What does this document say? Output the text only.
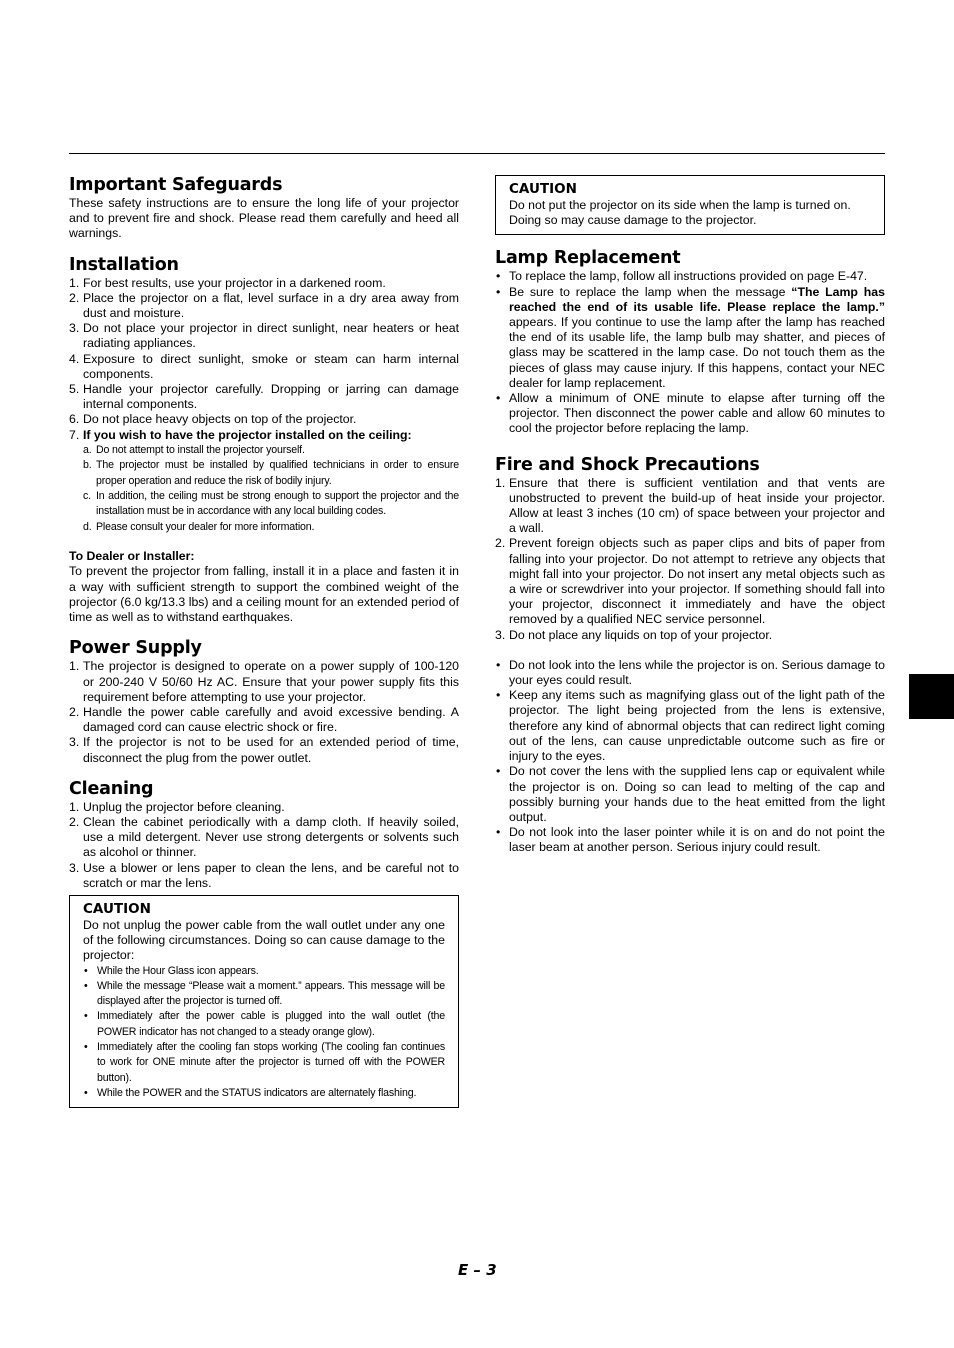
Important Safeguards

These safety instructions are to ensure the long life of your projector and to prevent fire and shock. Please read them carefully and heed all warnings.

Installation
1. For best results, use your projector in a darkened room.
2. Place the projector on a flat, level surface in a dry area away from dust and moisture.
3. Do not place your projector in direct sunlight, near heaters or heat radiating appliances.
4. Exposure to direct sunlight, smoke or steam can harm internal components.
5. Handle your projector carefully. Dropping or jarring can damage internal components.
6. Do not place heavy objects on top of the projector.
7. If you wish to have the projector installed on the ceiling:
a. Do not attempt to install the projector yourself.
b. The projector must be installed by qualified technicians in order to ensure proper operation and reduce the risk of bodily injury.
c. In addition, the ceiling must be strong enough to support the projector and the installation must be in accordance with any local building codes.
d. Please consult your dealer for more information.

To Dealer or Installer:

To prevent the projector from falling, install it in a place and fasten it in a way with sufficient strength to support the combined weight of the projector (6.0 kg/13.3 lbs) and a ceiling mount for an extended period of time as well as to withstand earthquakes.

Power Supply
1. The projector is designed to operate on a power supply of 100-120 or 200-240 V 50/60 Hz AC. Ensure that your power supply fits this requirement before attempting to use your projector.
2. Handle the power cable carefully and avoid excessive bending. A damaged cord can cause electric shock or fire.
3. If the projector is not to be used for an extended period of time, disconnect the plug from the power outlet.
Cleaning
1. Unplug the projector before cleaning.
2. Clean the cabinet periodically with a damp cloth. If heavily soiled, use a mild detergent. Never use strong detergents or solvents such as alcohol or thinner.
3. Use a blower or lens paper to clean the lens, and be careful not to scratch or mar the lens.
CAUTION

Do not unplug the power cable from the wall outlet under any one of the following circumstances. Doing so can cause damage to the projector:

• While the Hour Glass icon appears.
• While the message “Please wait a moment.” appears. This message will be displayed after the projector is turned off.
• Immediately after the power cable is plugged into the wall outlet (the POWER indicator has not changed to a steady orange glow).
• Immediately after the cooling fan stops working (The cooling fan continues to work for ONE minute after the projector is turned off with the POWER button).
• While the POWER and the STATUS indicators are alternately flashing.
CAUTION

Do not put the projector on its side when the lamp is turned on. Doing so may cause damage to the projector.

Lamp Replacement
• To replace the lamp, follow all instructions provided on page E-47.
• Be sure to replace the lamp when the message “The Lamp has reached the end of its usable life. Please replace the lamp.” appears. If you continue to use the lamp after the lamp has reached the end of its usable life, the lamp bulb may shatter, and pieces of glass may be scattered in the lamp case. Do not touch them as the pieces of glass may cause injury. If this happens, contact your NEC dealer for lamp replacement.
• Allow a minimum of ONE minute to elapse after turning off the projector. Then disconnect the power cable and allow 60 minutes to cool the projector before replacing the lamp.
Fire and Shock Precautions
1. Ensure that there is sufficient ventilation and that vents are unobstructed to prevent the build-up of heat inside your projector. Allow at least 3 inches (10 cm) of space between your projector and a wall.
2. Prevent foreign objects such as paper clips and bits of paper from falling into your projector. Do not attempt to retrieve any objects that might fall into your projector. Do not insert any metal objects such as a wire or screwdriver into your projector. If something should fall into your projector, disconnect it immediately and have the object removed by a qualified NEC service personnel.
3. Do not place any liquids on top of your projector.
• Do not look into the lens while the projector is on. Serious damage to your eyes could result.
• Keep any items such as magnifying glass out of the light path of the projector. The light being projected from the lens is extensive, therefore any kind of abnormal objects that can redirect light coming out of the lens, can cause unpredictable outcome such as fire or injury to the eyes.
• Do not cover the lens with the supplied lens cap or equivalent while the projector is on. Doing so can lead to melting of the cap and possibly burning your hands due to the heat emitted from the light output.
• Do not look into the laser pointer while it is on and do not point the laser beam at another person. Serious injury could result.
E – 3
